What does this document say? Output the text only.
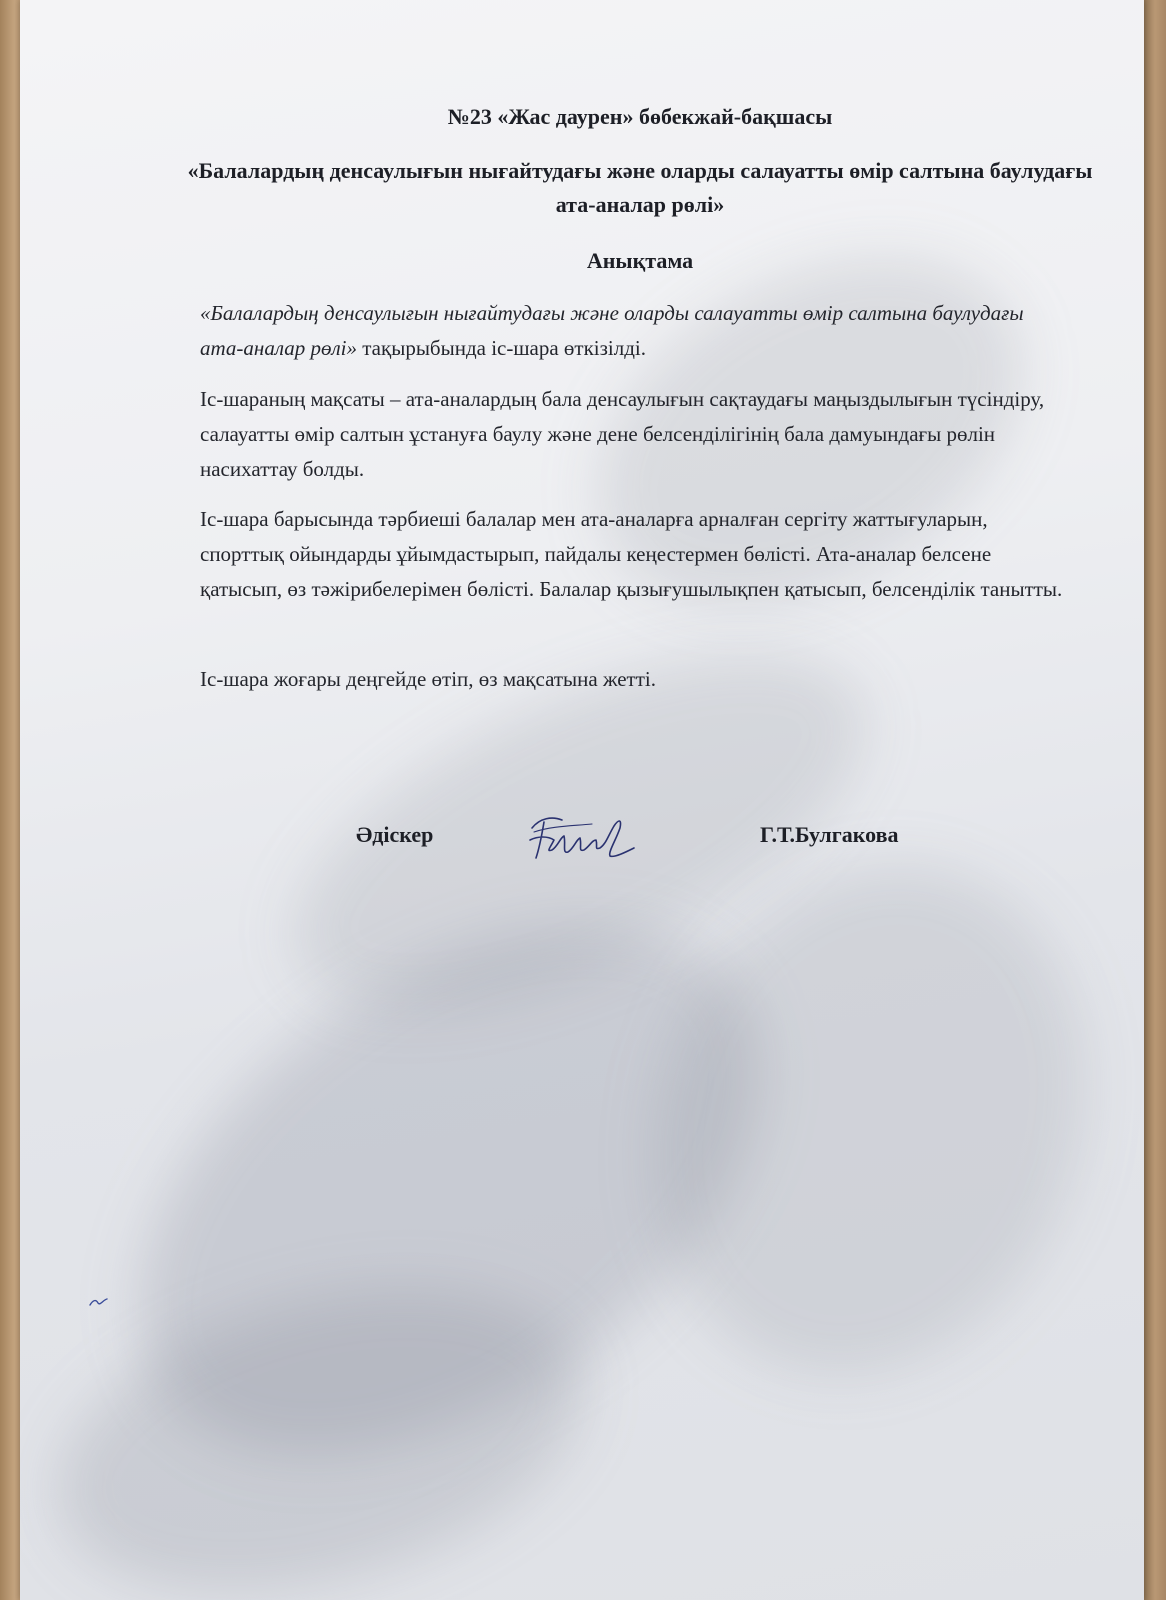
№23 «Жас даурен» бөбекжай-бақшасы
«Балалардың денсаулығын нығайтудағы және оларды салауатты өмір салтына баулудағы ата-аналар рөлі»
Анықтама
«Балалардың денсаулығын нығайтудағы және оларды салауатты өмір салтына баулудағы ата-аналар рөлі» тақырыбында іс-шара өткізілді.
Іс-шараның мақсаты – ата-аналардың бала денсаулығын сақтаудағы маңыздылығын түсіндіру, салауатты өмір салтын ұстануға баулу және дене белсенділігінің бала дамуындағы рөлін насихаттау болды.
Іс-шара барысында тәрбиеші балалар мен ата-аналарға арналған сергіту жаттығуларын, спорттық ойындарды ұйымдастырып, пайдалы кеңестермен бөлісті. Ата-аналар белсене қатысып, өз тәжірибелерімен бөлісті. Балалар қызығушылықпен қатысып, белсенділік танытты.
Іс-шара жоғары деңгейде өтіп, өз мақсатына жетті.
Әдіскер	Г.Т.Булгакова
